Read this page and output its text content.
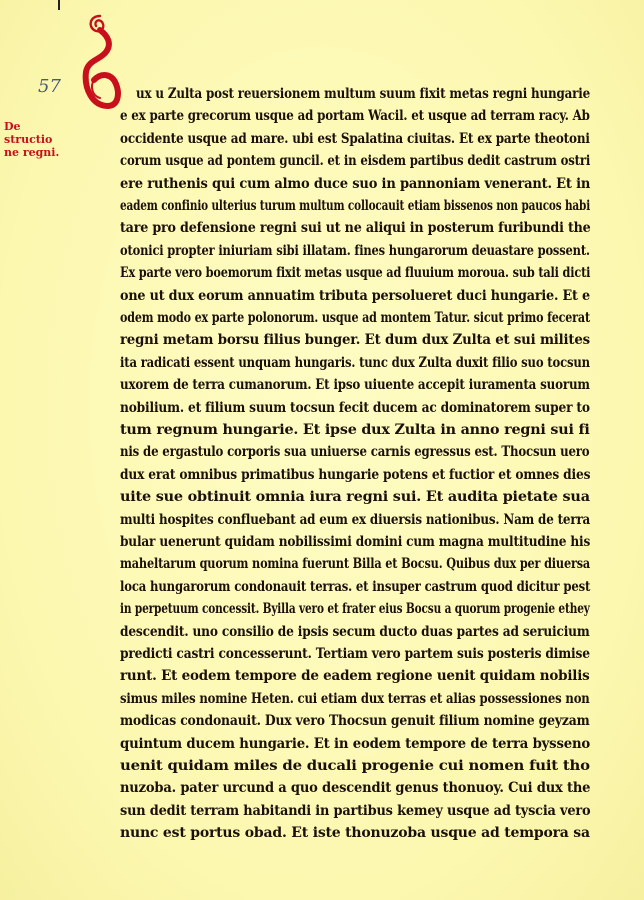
57
De structio ne regni.
ux u Zulta post reuersionem multum suum fixit metas regni hungarie
e ex parte grecorum usque ad portam Wacil. et usque ad terram racy. Ab
occidente usque ad mare. ubi est Spalatina ciuitas. Et ex parte theotoni
corum usque ad pontem guncil. et in eisdem partibus dedit castrum ostri
ere ruthenis qui cum almo duce suo in pannoniam venerant. Et in
eadem confinio ulterius turum multum collocauit etiam bissenos non paucos habi
tare pro defensione regni sui ut ne aliqui in posterum furibundi the
otonici propter iniuriam sibi illatam. fines hungarorum deuastare possent.
Ex parte vero boemorum fixit metas usque ad fluuium moroua. sub tali dicti
one ut dux eorum annuatim tributa persolueret duci hungarie. Et e
odem modo ex parte polonorum. usque ad montem Tatur. sicut primo fecerat
regni metam borsu filius bunger. Et dum dux Zulta et sui milites
ita radicati essent unquam hungaris. tunc dux Zulta duxit filio suo tocsun
uxorem de terra cumanorum. Et ipso uiuente accepit iuramenta suorum
nobilium. et filium suum tocsun fecit ducem ac dominatorem super to
tum regnum hungarie. Et ipse dux Zulta in anno regni sui fi
nis de ergastulo corporis sua uniuerse carnis egressus est. Thocsun uero
dux erat omnibus primatibus hungarie potens et fuctior et omnes dies
uite sue obtinuit omnia iura regni sui. Et audita pietate sua
multi hospites confluebant ad eum ex diuersis nationibus. Nam de terra
bular uenerunt quidam nobilissimi domini cum magna multitudine his
maheltarum quorum nomina fuerunt Billa et Bocsu. Quibus dux per diuersa
loca hungarorum condonauit terras. et insuper castrum quod dicitur pest
in perpetuum concessit. Byilla vero et frater eius Bocsu a quorum progenie ethey
descendit. uno consilio de ipsis secum ducto duas partes ad seruicium
predicti castri concesserunt. Tertiam vero partem suis posteris dimise
runt. Et eodem tempore de eadem regione uenit quidam nobilis
simus miles nomine Heten. cui etiam dux terras et alias possessiones non
modicas condonauit. Dux vero Thocsun genuit filium nomine geyzam
quintum ducem hungarie. Et in eodem tempore de terra bysseno
uenit quidam miles de ducali progenie cui nomen fuit tho
nuzoba. pater urcund a quo descendit genus thonuoy. Cui dux the
sun dedit terram habitandi in partibus kemey usque ad tyscia vero
nunc est portus obad. Et iste thonuzoba usque ad tempora sa
